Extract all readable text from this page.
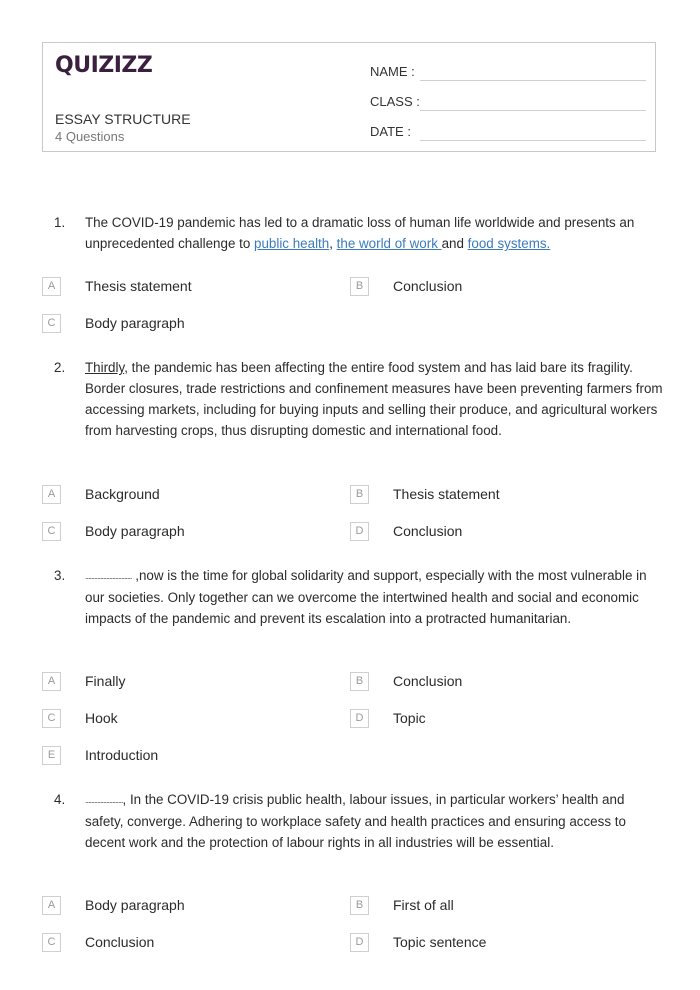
QUIZIZZ
ESSAY STRUCTURE
4 Questions
NAME :
CLASS :
DATE :
1.	The COVID-19 pandemic has led to a dramatic loss of human life worldwide and presents an unprecedented challenge to public health, the world of work and food systems.
A	Thesis statement	B	Conclusion
C	Body paragraph
2.	Thirdly, the pandemic has been affecting the entire food system and has laid bare its fragility. Border closures, trade restrictions and confinement measures have been preventing farmers from accessing markets, including for buying inputs and selling their produce, and agricultural workers from harvesting crops, thus disrupting domestic and international food.
A	Background	B	Thesis statement
C	Body paragraph	D	Conclusion
3.	............................... ,now is the time for global solidarity and support, especially with the most vulnerable in our societies. Only together can we overcome the intertwined health and social and economic impacts of the pandemic and prevent its escalation into a protracted humanitarian.
A	Finally	B	Conclusion
C	Hook	D	Topic
E	Introduction
4.	........................., In the COVID-19 crisis public health, labour issues, in particular workers’ health and safety, converge. Adhering to workplace safety and health practices and ensuring access to decent work and the protection of labour rights in all industries will be essential.
A	Body paragraph	B	First of all
C	Conclusion	D	Topic sentence
